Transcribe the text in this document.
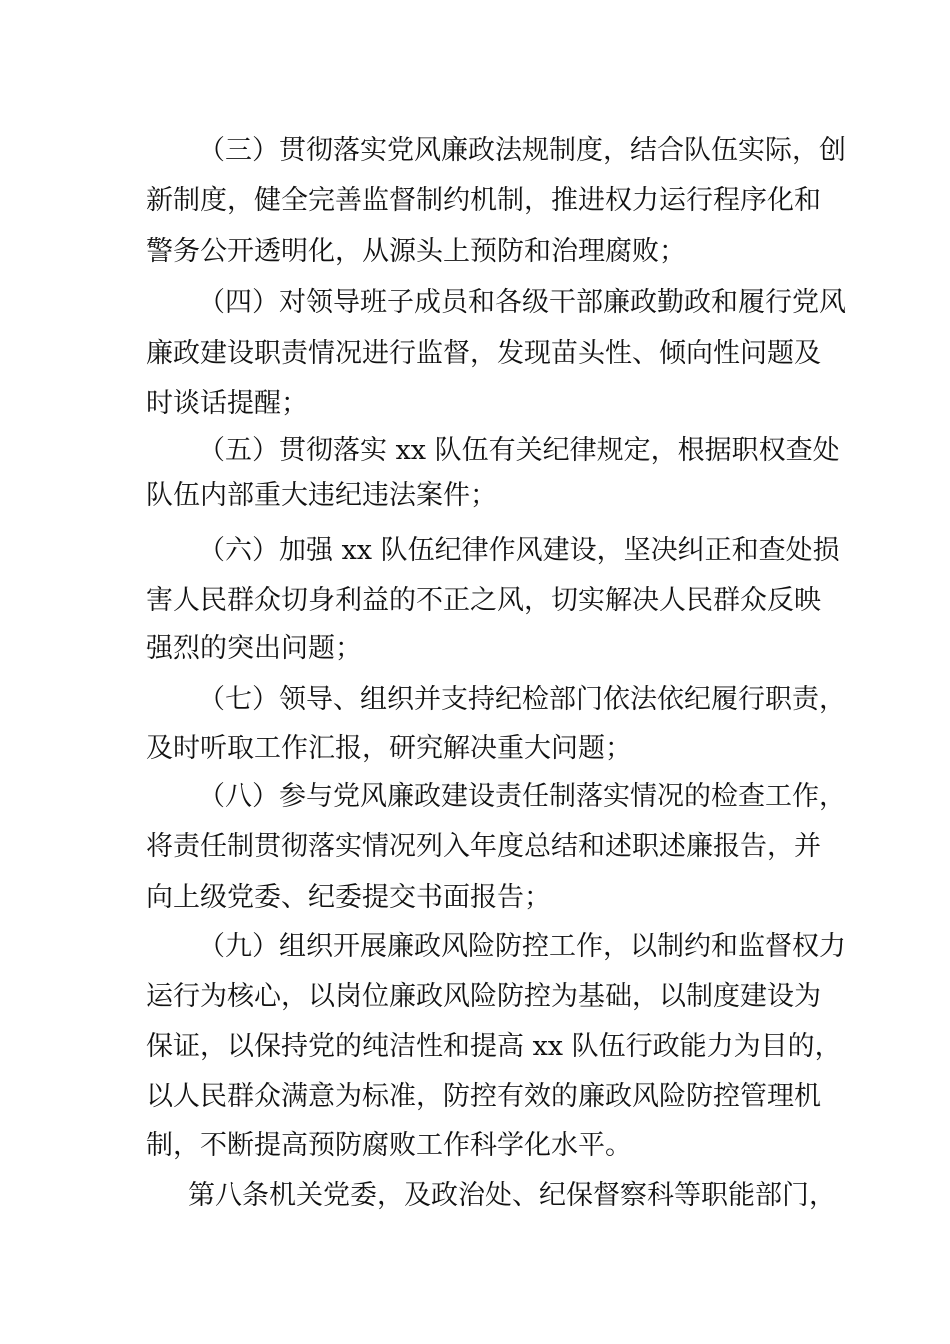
（三）贯彻落实党风廉政法规制度，结合队伍实际，创

新制度，健全完善监督制约机制，推进权力运行程序化和

警务公开透明化，从源头上预防和治理腐败；

（四）对领导班子成员和各级干部廉政勤政和履行党风

廉政建设职责情况进行监督，发现苗头性、倾向性问题及

时谈话提醒；

（五）贯彻落实 xx 队伍有关纪律规定，根据职权查处

队伍内部重大违纪违法案件；

（六）加强 xx 队伍纪律作风建设，坚决纠正和查处损

害人民群众切身利益的不正之风，切实解决人民群众反映

强烈的突出问题；

（七）领导、组织并支持纪检部门依法依纪履行职责，

及时听取工作汇报，研究解决重大问题；

（八）参与党风廉政建设责任制落实情况的检查工作，

将责任制贯彻落实情况列入年度总结和述职述廉报告，并

向上级党委、纪委提交书面报告；

（九）组织开展廉政风险防控工作，以制约和监督权力

运行为核心，以岗位廉政风险防控为基础，以制度建设为

保证，以保持党的纯洁性和提高 xx 队伍行政能力为目的，

以人民群众满意为标准，防控有效的廉政风险防控管理机

制，不断提高预防腐败工作科学化水平。

第八条机关党委，及政治处、纪保督察科等职能部门，
